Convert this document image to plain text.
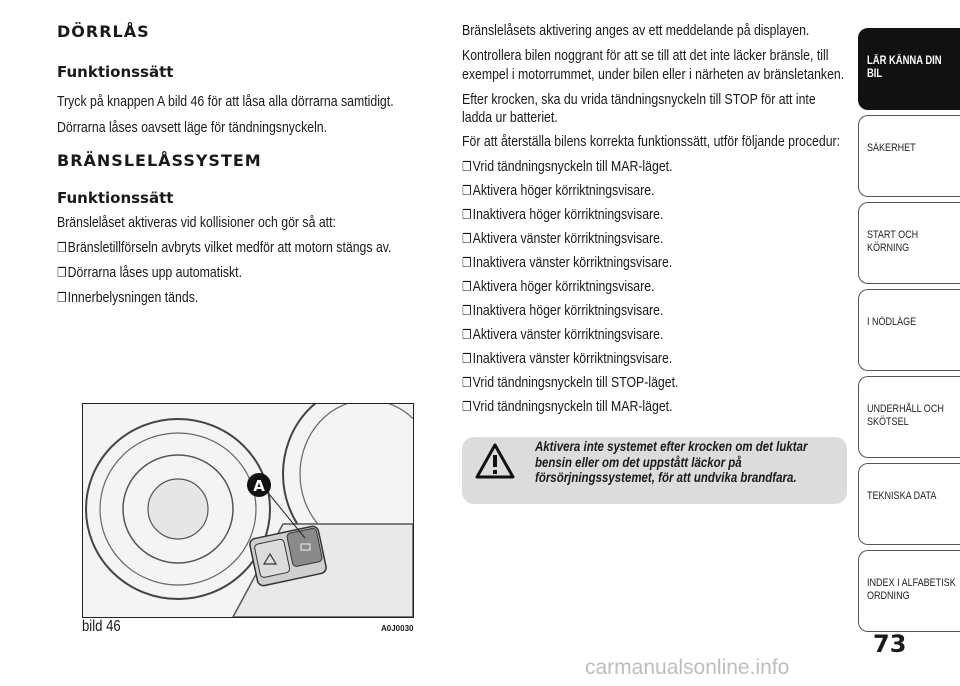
DÖRRLÅS
Funktionssätt
Tryck på knappen A bild 46 för att låsa alla dörrarna samtidigt.
Dörrarna låses oavsett läge för tändningsnyckeln.
BRÄNSLELÅSSYSTEM
Funktionssätt
Bränslelåset aktiveras vid kollisioner och gör så att:
❒Bränsletillförseln avbryts vilket medför att motorn stängs av.
❒Dörrarna låses upp automatiskt.
❒Innerbelysningen tänds.
A
bild 46	A0J0030
Bränslelåsets aktivering anges av ett meddelande på displayen.
Kontrollera bilen noggrant för att se till att det inte läcker bränsle, till
exempel i motorrummet, under bilen eller i närheten av bränsletanken.
Efter krocken, ska du vrida tändningsnyckeln till STOP för att inte
ladda ur batteriet.
För att återställa bilens korrekta funktionssätt, utför följande procedur:
❒Vrid tändningsnyckeln till MAR-läget.
❒Aktivera höger körriktningsvisare.
❒Inaktivera höger körriktningsvisare.
❒Aktivera vänster körriktningsvisare.
❒Inaktivera vänster körriktningsvisare.
❒Aktivera höger körriktningsvisare.
❒Inaktivera höger körriktningsvisare.
❒Aktivera vänster körriktningsvisare.
❒Inaktivera vänster körriktningsvisare.
❒Vrid tändningsnyckeln till STOP-läget.
❒Vrid tändningsnyckeln till MAR-läget.
Aktivera inte systemet efter krocken om det luktar
bensin eller om det uppstått läckor på
försörjningssystemet, för att undvika brandfara.
LÄR KÄNNA DIN
BIL
SÄKERHET
START OCH
KÖRNING
I NÖDLÄGE
UNDERHÅLL OCH
SKÖTSEL
TEKNISKA DATA
INDEX I ALFABETISK
ORDNING
73
carmanualsonline.info
